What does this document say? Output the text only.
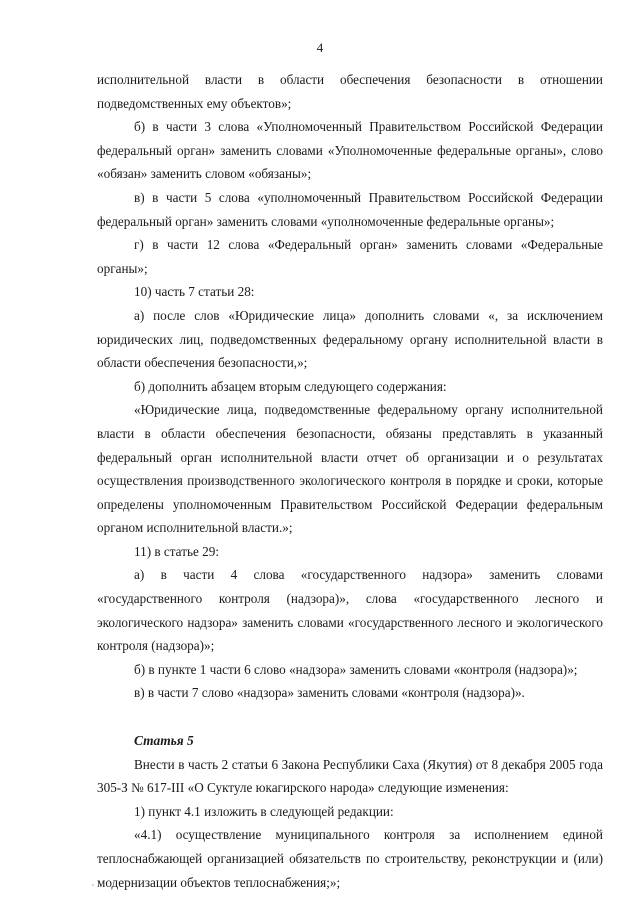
4

исполнительной власти в области обеспечения безопасности в отношении подведомственных ему объектов»;

б) в части 3 слова «Уполномоченный Правительством Российской Федерации федеральный орган» заменить словами «Уполномоченные федеральные органы», слово «обязан» заменить словом «обязаны»;

в) в части 5 слова «уполномоченный Правительством Российской Федерации федеральный орган» заменить словами «уполномоченные федеральные органы»;

г) в части 12 слова «Федеральный орган» заменить словами «Федеральные органы»;

10) часть 7 статьи 28:

а) после слов «Юридические лица» дополнить словами «, за исключением юридических лиц, подведомственных федеральному органу исполнительной власти в области обеспечения безопасности,»;

б) дополнить абзацем вторым следующего содержания:

«Юридические лица, подведомственные федеральному органу исполнительной власти в области обеспечения безопасности, обязаны представлять в указанный федеральный орган исполнительной власти отчет об организации и о результатах осуществления производственного экологического контроля в порядке и сроки, которые определены уполномоченным Правительством Российской Федерации федеральным органом исполнительной власти.»;

11) в статье 29:

а) в части 4 слова «государственного надзора» заменить словами «государственного контроля (надзора)», слова «государственного лесного и экологического надзора» заменить словами «государственного лесного и экологического контроля (надзора)»;

б) в пункте 1 части 6 слово «надзора» заменить словами «контроля (надзора)»;

в) в части 7 слово «надзора» заменить словами «контроля (надзора)».

Статья 5

Внести в часть 2 статьи 6 Закона Республики Саха (Якутия) от 8 декабря 2005 года 305-З № 617-III «О Суктуле юкагирского народа» следующие изменения:

1) пункт 4.1 изложить в следующей редакции:

«4.1) осуществление муниципального контроля за исполнением единой теплоснабжающей организацией обязательств по строительству, реконструкции и (или) модернизации объектов теплоснабжения;»;
